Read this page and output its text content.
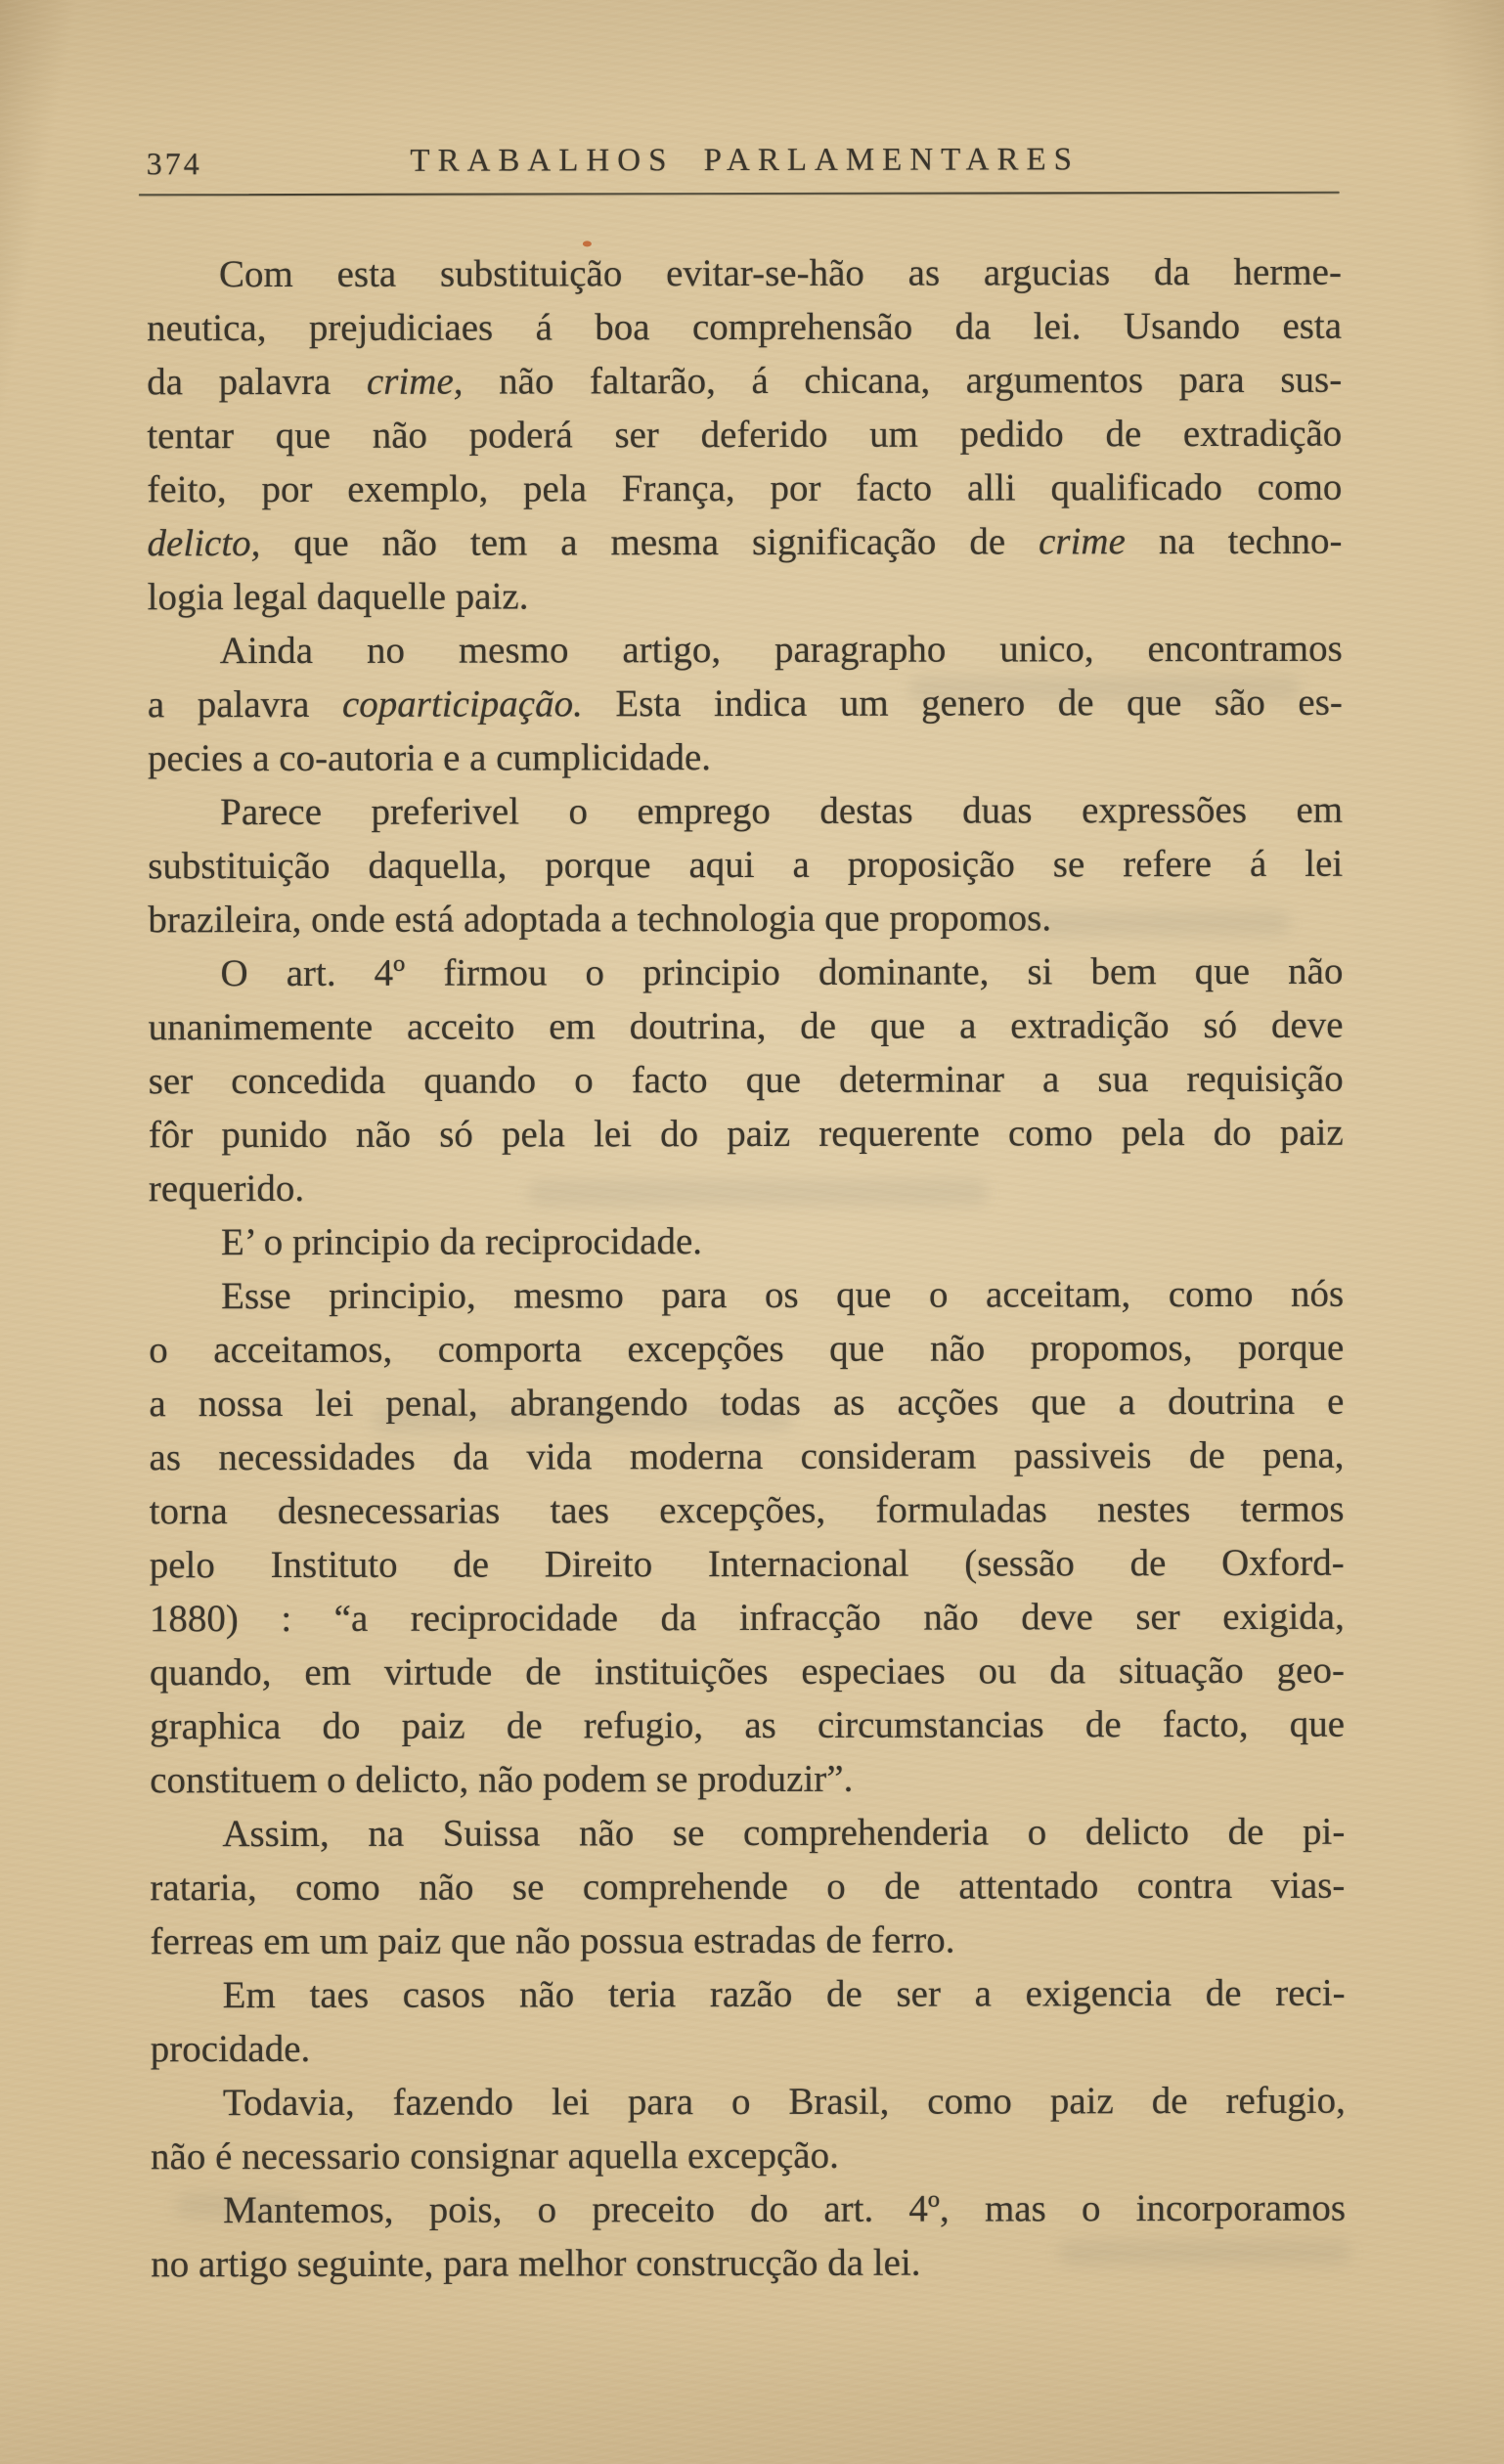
374	TRABALHOS PARLAMENTARES
Com esta substituição evitar-se-hão as argucias da herme-
neutica, prejudiciaes á boa comprehensão da lei. Usando esta
da palavra crime, não faltarão, á chicana, argumentos para sus-
tentar que não poderá ser deferido um pedido de extradição
feito, por exemplo, pela França, por facto alli qualificado como
delicto, que não tem a mesma significação de crime na techno-
logia legal daquelle paiz.
Ainda no mesmo artigo, paragrapho unico, encontramos
a palavra coparticipação. Esta indica um genero de que são es-
pecies a co-autoria e a cumplicidade.
Parece preferivel o emprego destas duas expressões em
substituição daquella, porque aqui a proposição se refere á lei
brazileira, onde está adoptada a technologia que propomos.
O art. 4º firmou o principio dominante, si bem que não
unanimemente acceito em doutrina, de que a extradição só deve
ser concedida quando o facto que determinar a sua requisição
fôr punido não só pela lei do paiz requerente como pela do paiz
requerido.
E’ o principio da reciprocidade.
Esse principio, mesmo para os que o acceitam, como nós
o acceitamos, comporta excepções que não propomos, porque
a nossa lei penal, abrangendo todas as acções que a doutrina e
as necessidades da vida moderna consideram passiveis de pena,
torna desnecessarias taes excepções, formuladas nestes termos
pelo Instituto de Direito Internacional (sessão de Oxford-
1880) : “a reciprocidade da infracção não deve ser exigida,
quando, em virtude de instituições especiaes ou da situação geo-
graphica do paiz de refugio, as circumstancias de facto, que
constituem o delicto, não podem se produzir”.
Assim, na Suissa não se comprehenderia o delicto de pi-
rataria, como não se comprehende o de attentado contra vias-
ferreas em um paiz que não possua estradas de ferro.
Em taes casos não teria razão de ser a exigencia de reci-
procidade.
Todavia, fazendo lei para o Brasil, como paiz de refugio,
não é necessario consignar aquella excepção.
Mantemos, pois, o preceito do art. 4º, mas o incorporamos
no artigo seguinte, para melhor construcção da lei.
